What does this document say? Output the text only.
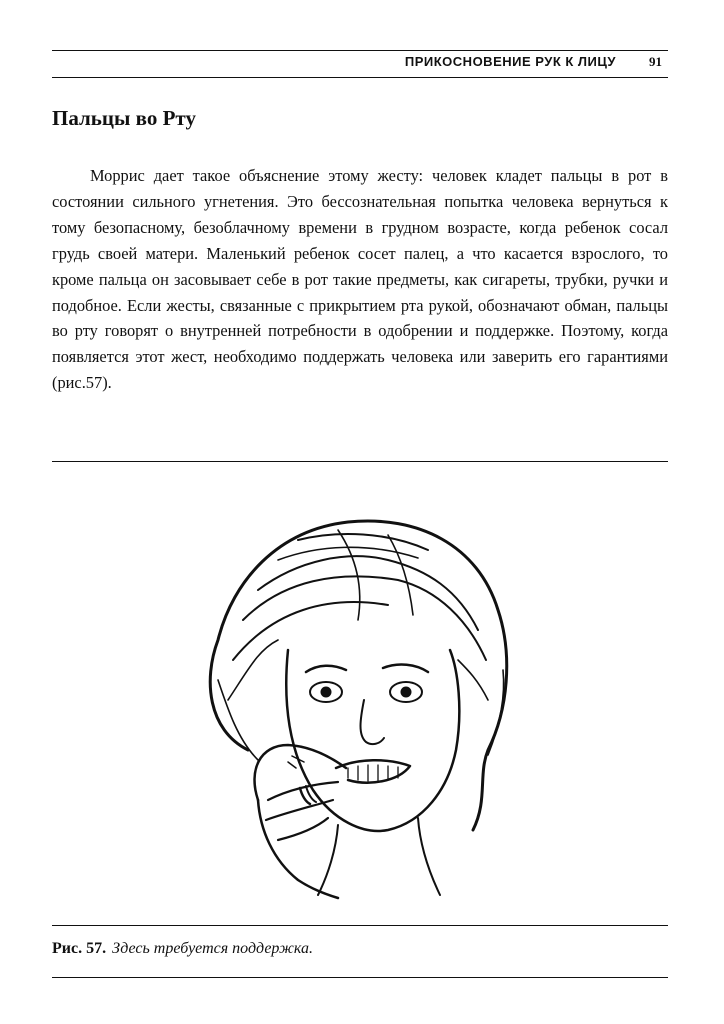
ПРИКОСНОВЕНИЕ РУК К ЛИЦУ	91
Пальцы во Рту

Моррис дает такое объяснение этому жесту: человек кладет пальцы в рот в состоянии сильного угнетения. Это бессознательная попытка человека вернуться к тому безопасному, безоблачному времени в грудном возрасте, когда ребенок сосал грудь своей матери. Маленький ребенок сосет палец, а что касается взрослого, то кроме пальца он засовывает себе в рот такие предметы, как сигареты, трубки, ручки и подобное. Если жесты, связанные с прикрытием рта рукой, обозначают обман, пальцы во рту говорят о внутренней потребности в одобрении и поддержке. Поэтому, когда появляется этот жест, необходимо поддержать человека или заверить его гарантиями (рис.57).

Рис. 57. Здесь требуется поддержка.
